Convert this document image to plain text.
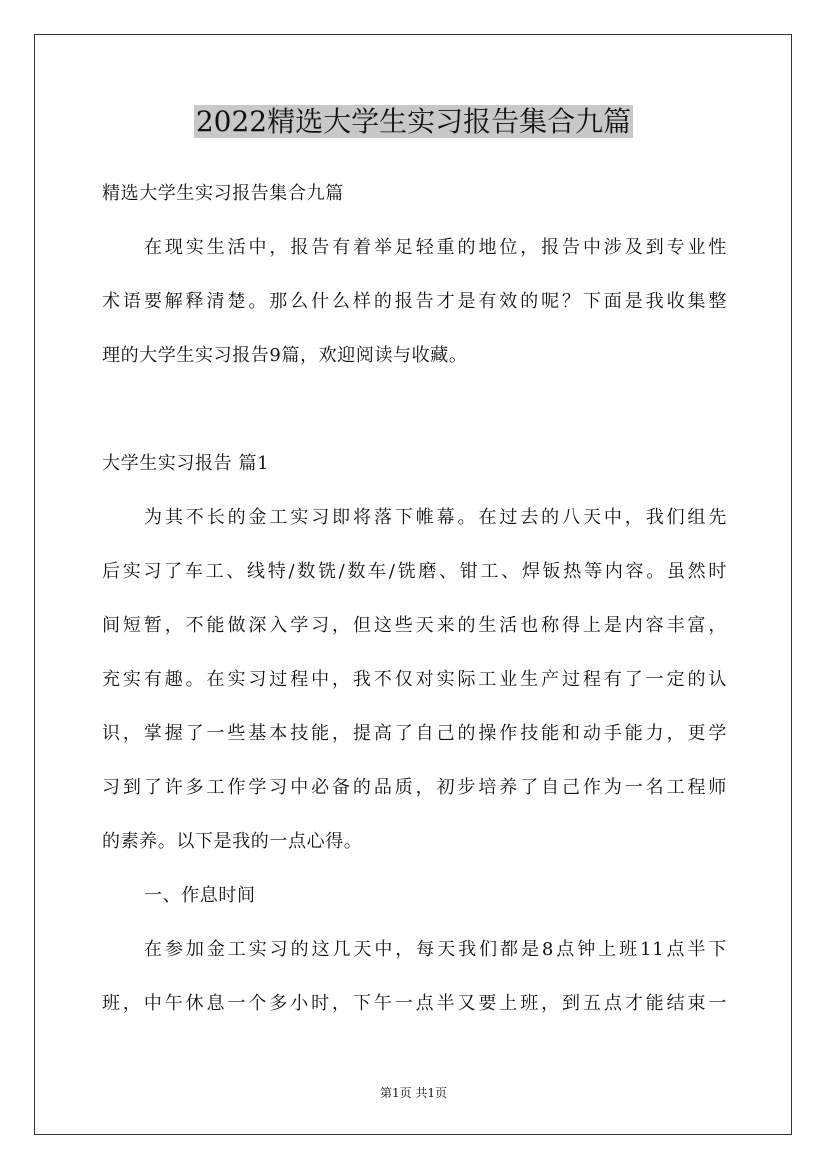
2022精选大学生实习报告集合九篇
精选大学生实习报告集合九篇
在现实生活中，报告有着举足轻重的地位，报告中涉及到专业性
术语要解释清楚。那么什么样的报告才是有效的呢？下面是我收集整
理的大学生实习报告9篇，欢迎阅读与收藏。
大学生实习报告 篇1
为其不长的金工实习即将落下帷幕。在过去的八天中，我们组先
后实习了车工、线特/数铣/数车/铣磨、钳工、焊钣热等内容。虽然时
间短暂，不能做深入学习，但这些天来的生活也称得上是内容丰富，
充实有趣。在实习过程中，我不仅对实际工业生产过程有了一定的认
识，掌握了一些基本技能，提高了自己的操作技能和动手能力，更学
习到了许多工作学习中必备的品质，初步培养了自己作为一名工程师
的素养。以下是我的一点心得。
一、作息时间
在参加金工实习的这几天中，每天我们都是8点钟上班11点半下
班，中午休息一个多小时，下午一点半又要上班，到五点才能结束一
第1页 共1页
